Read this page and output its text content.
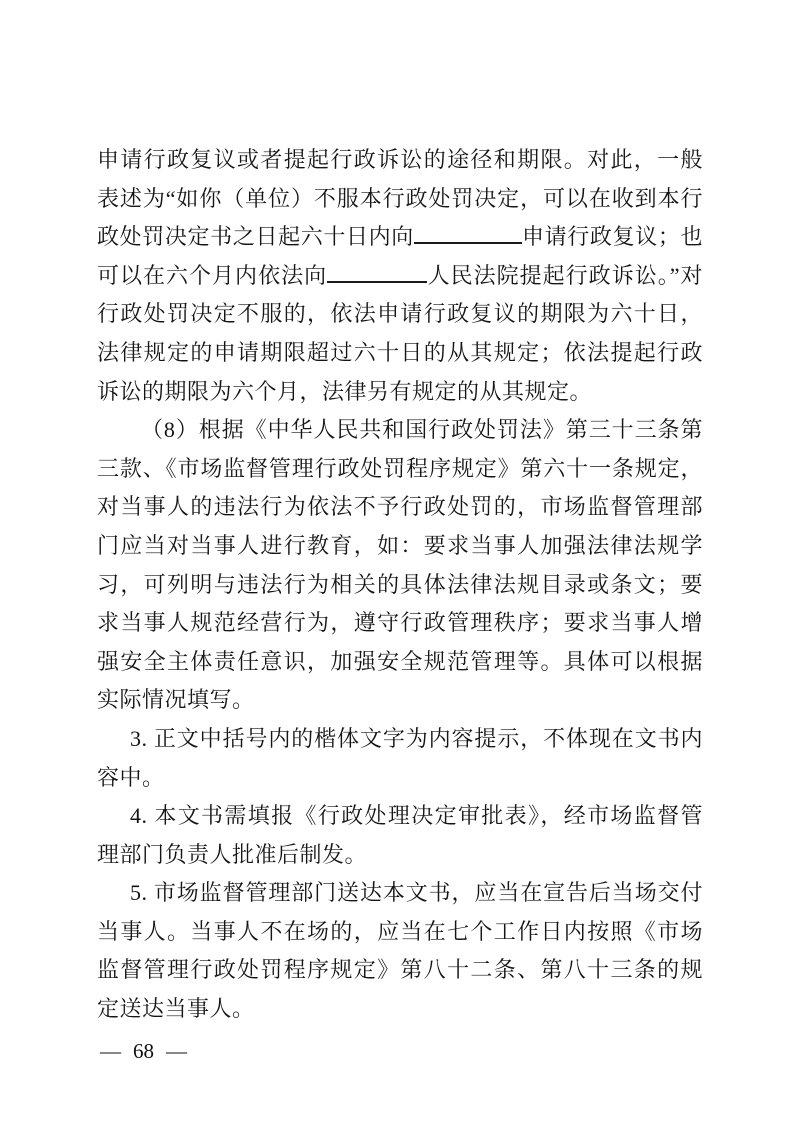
申请行政复议或者提起行政诉讼的途径和期限。对此，一般表述为“如你（单位）不服本行政处罚决定，可以在收到本行政处罚决定书之日起六十日内向	申请行政复议；也可以在六个月内依法向	人民法院提起行政诉讼。”对行政处罚决定不服的，依法申请行政复议的期限为六十日，法律规定的申请期限超过六十日的从其规定；依法提起行政诉讼的期限为六个月，法律另有规定的从其规定。

（8）根据《中华人民共和国行政处罚法》第三十三条第三款、《市场监督管理行政处罚程序规定》第六十一条规定，对当事人的违法行为依法不予行政处罚的，市场监督管理部门应当对当事人进行教育，如：要求当事人加强法律法规学习，可列明与违法行为相关的具体法律法规目录或条文；要求当事人规范经营行为，遵守行政管理秩序；要求当事人增强安全主体责任意识，加强安全规范管理等。具体可以根据实际情况填写。

3. 正文中括号内的楷体文字为内容提示，不体现在文书内容中。

4. 本文书需填报《行政处理决定审批表》，经市场监督管理部门负责人批准后制发。

5. 市场监督管理部门送达本文书，应当在宣告后当场交付当事人。当事人不在场的，应当在七个工作日内按照《市场监督管理行政处罚程序规定》第八十二条、第八十三条的规定送达当事人。

— 68 —
